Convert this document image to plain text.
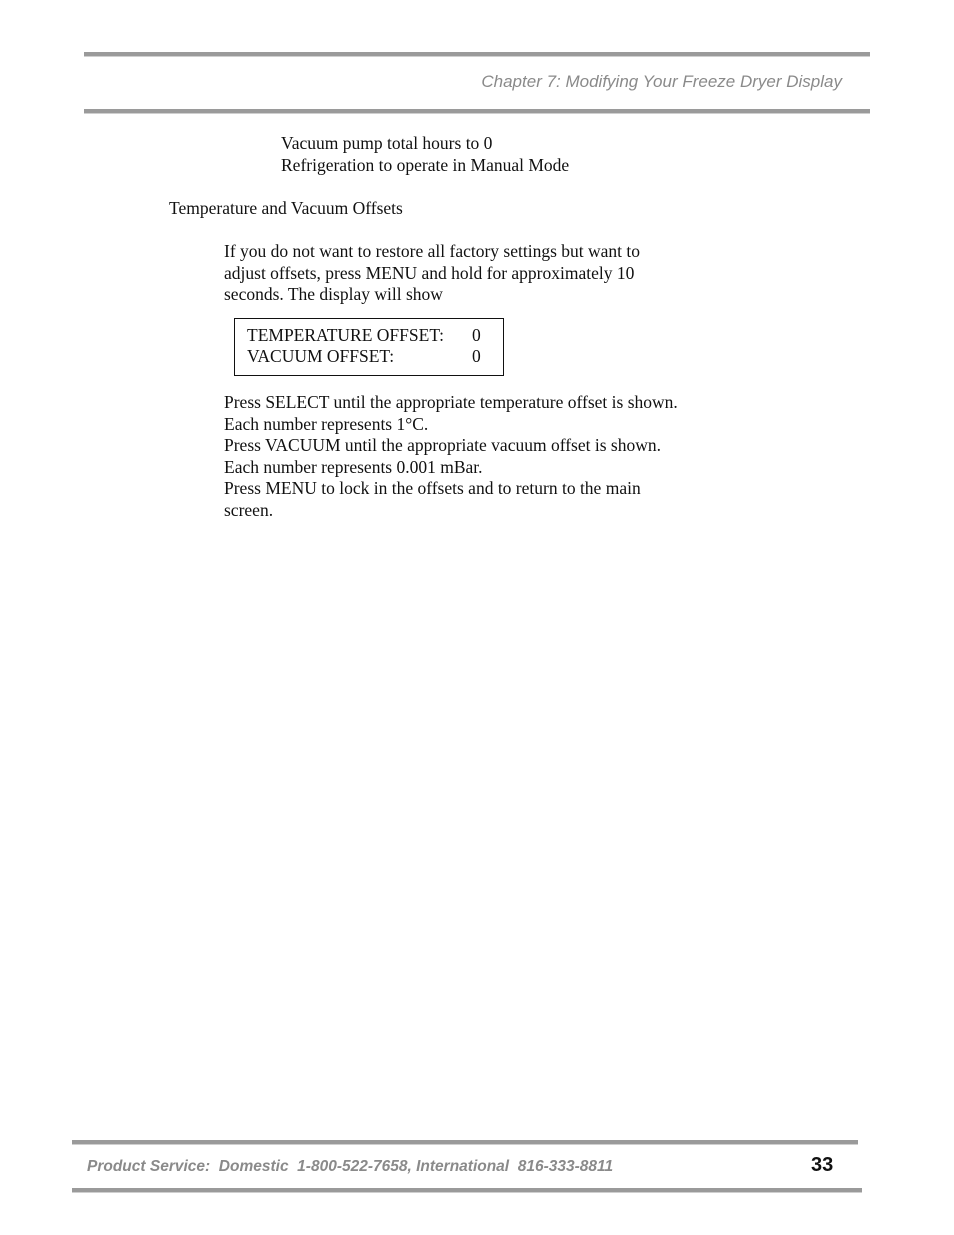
Chapter 7: Modifying Your Freeze Dryer Display
Vacuum pump total hours to 0
Refrigeration to operate in Manual Mode
Temperature and Vacuum Offsets
If you do not want to restore all factory settings but want to adjust offsets, press MENU and hold for approximately 10 seconds. The display will show
TEMPERATURE OFFSET: 0
VACUUM OFFSET:	0

Press SELECT until the appropriate temperature offset is shown. Each number represents 1°C.

Press VACUUM until the appropriate vacuum offset is shown. Each number represents 0.001 mBar.

Press MENU to lock in the offsets and to return to the main screen.

Product Service:  Domestic  1-800-522-7658, International  816-333-8811	33
